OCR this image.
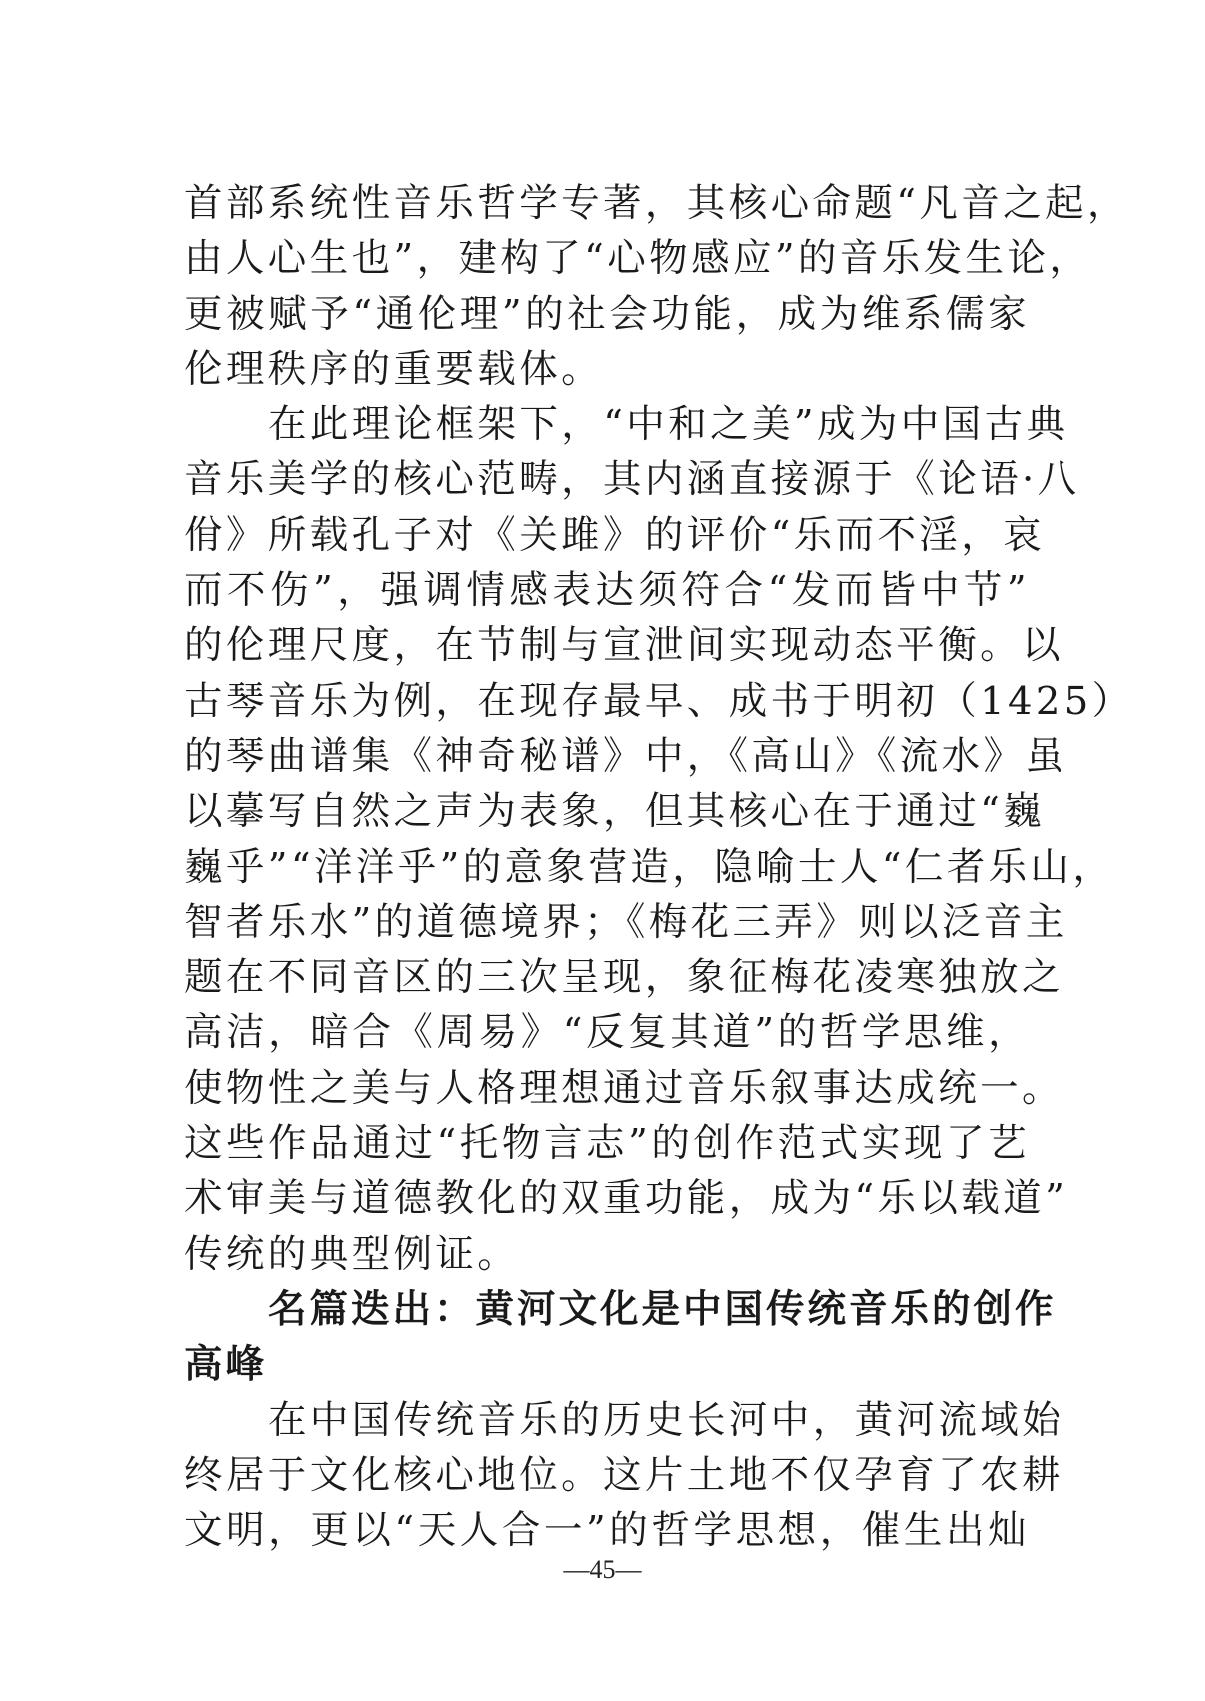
首部系统性音乐哲学专著，其核心命题“凡音之起，
由人心生也”，建构了“心物感应”的音乐发生论，
更被赋予“通伦理”的社会功能，成为维系儒家
伦理秩序的重要载体。
在此理论框架下，“中和之美”成为中国古典
音乐美学的核心范畴，其内涵直接源于《论语·八
佾》所载孔子对《关雎》的评价“乐而不淫，哀
而不伤”，强调情感表达须符合“发而皆中节”
的伦理尺度，在节制与宣泄间实现动态平衡。以
古琴音乐为例，在现存最早、成书于明初（1425）
的琴曲谱集《神奇秘谱》中，《高山》《流水》虽
以摹写自然之声为表象，但其核心在于通过“巍
巍乎”“洋洋乎”的意象营造，隐喻士人“仁者乐山，
智者乐水”的道德境界；《梅花三弄》则以泛音主
题在不同音区的三次呈现，象征梅花凌寒独放之
高洁，暗合《周易》“反复其道”的哲学思维，
使物性之美与人格理想通过音乐叙事达成统一。
这些作品通过“托物言志”的创作范式实现了艺
术审美与道德教化的双重功能，成为“乐以载道”
传统的典型例证。
名篇迭出：黄河文化是中国传统音乐的创作
高峰
在中国传统音乐的历史长河中，黄河流域始
终居于文化核心地位。这片土地不仅孕育了农耕
文明，更以“天人合一”的哲学思想，催生出灿
—45—
